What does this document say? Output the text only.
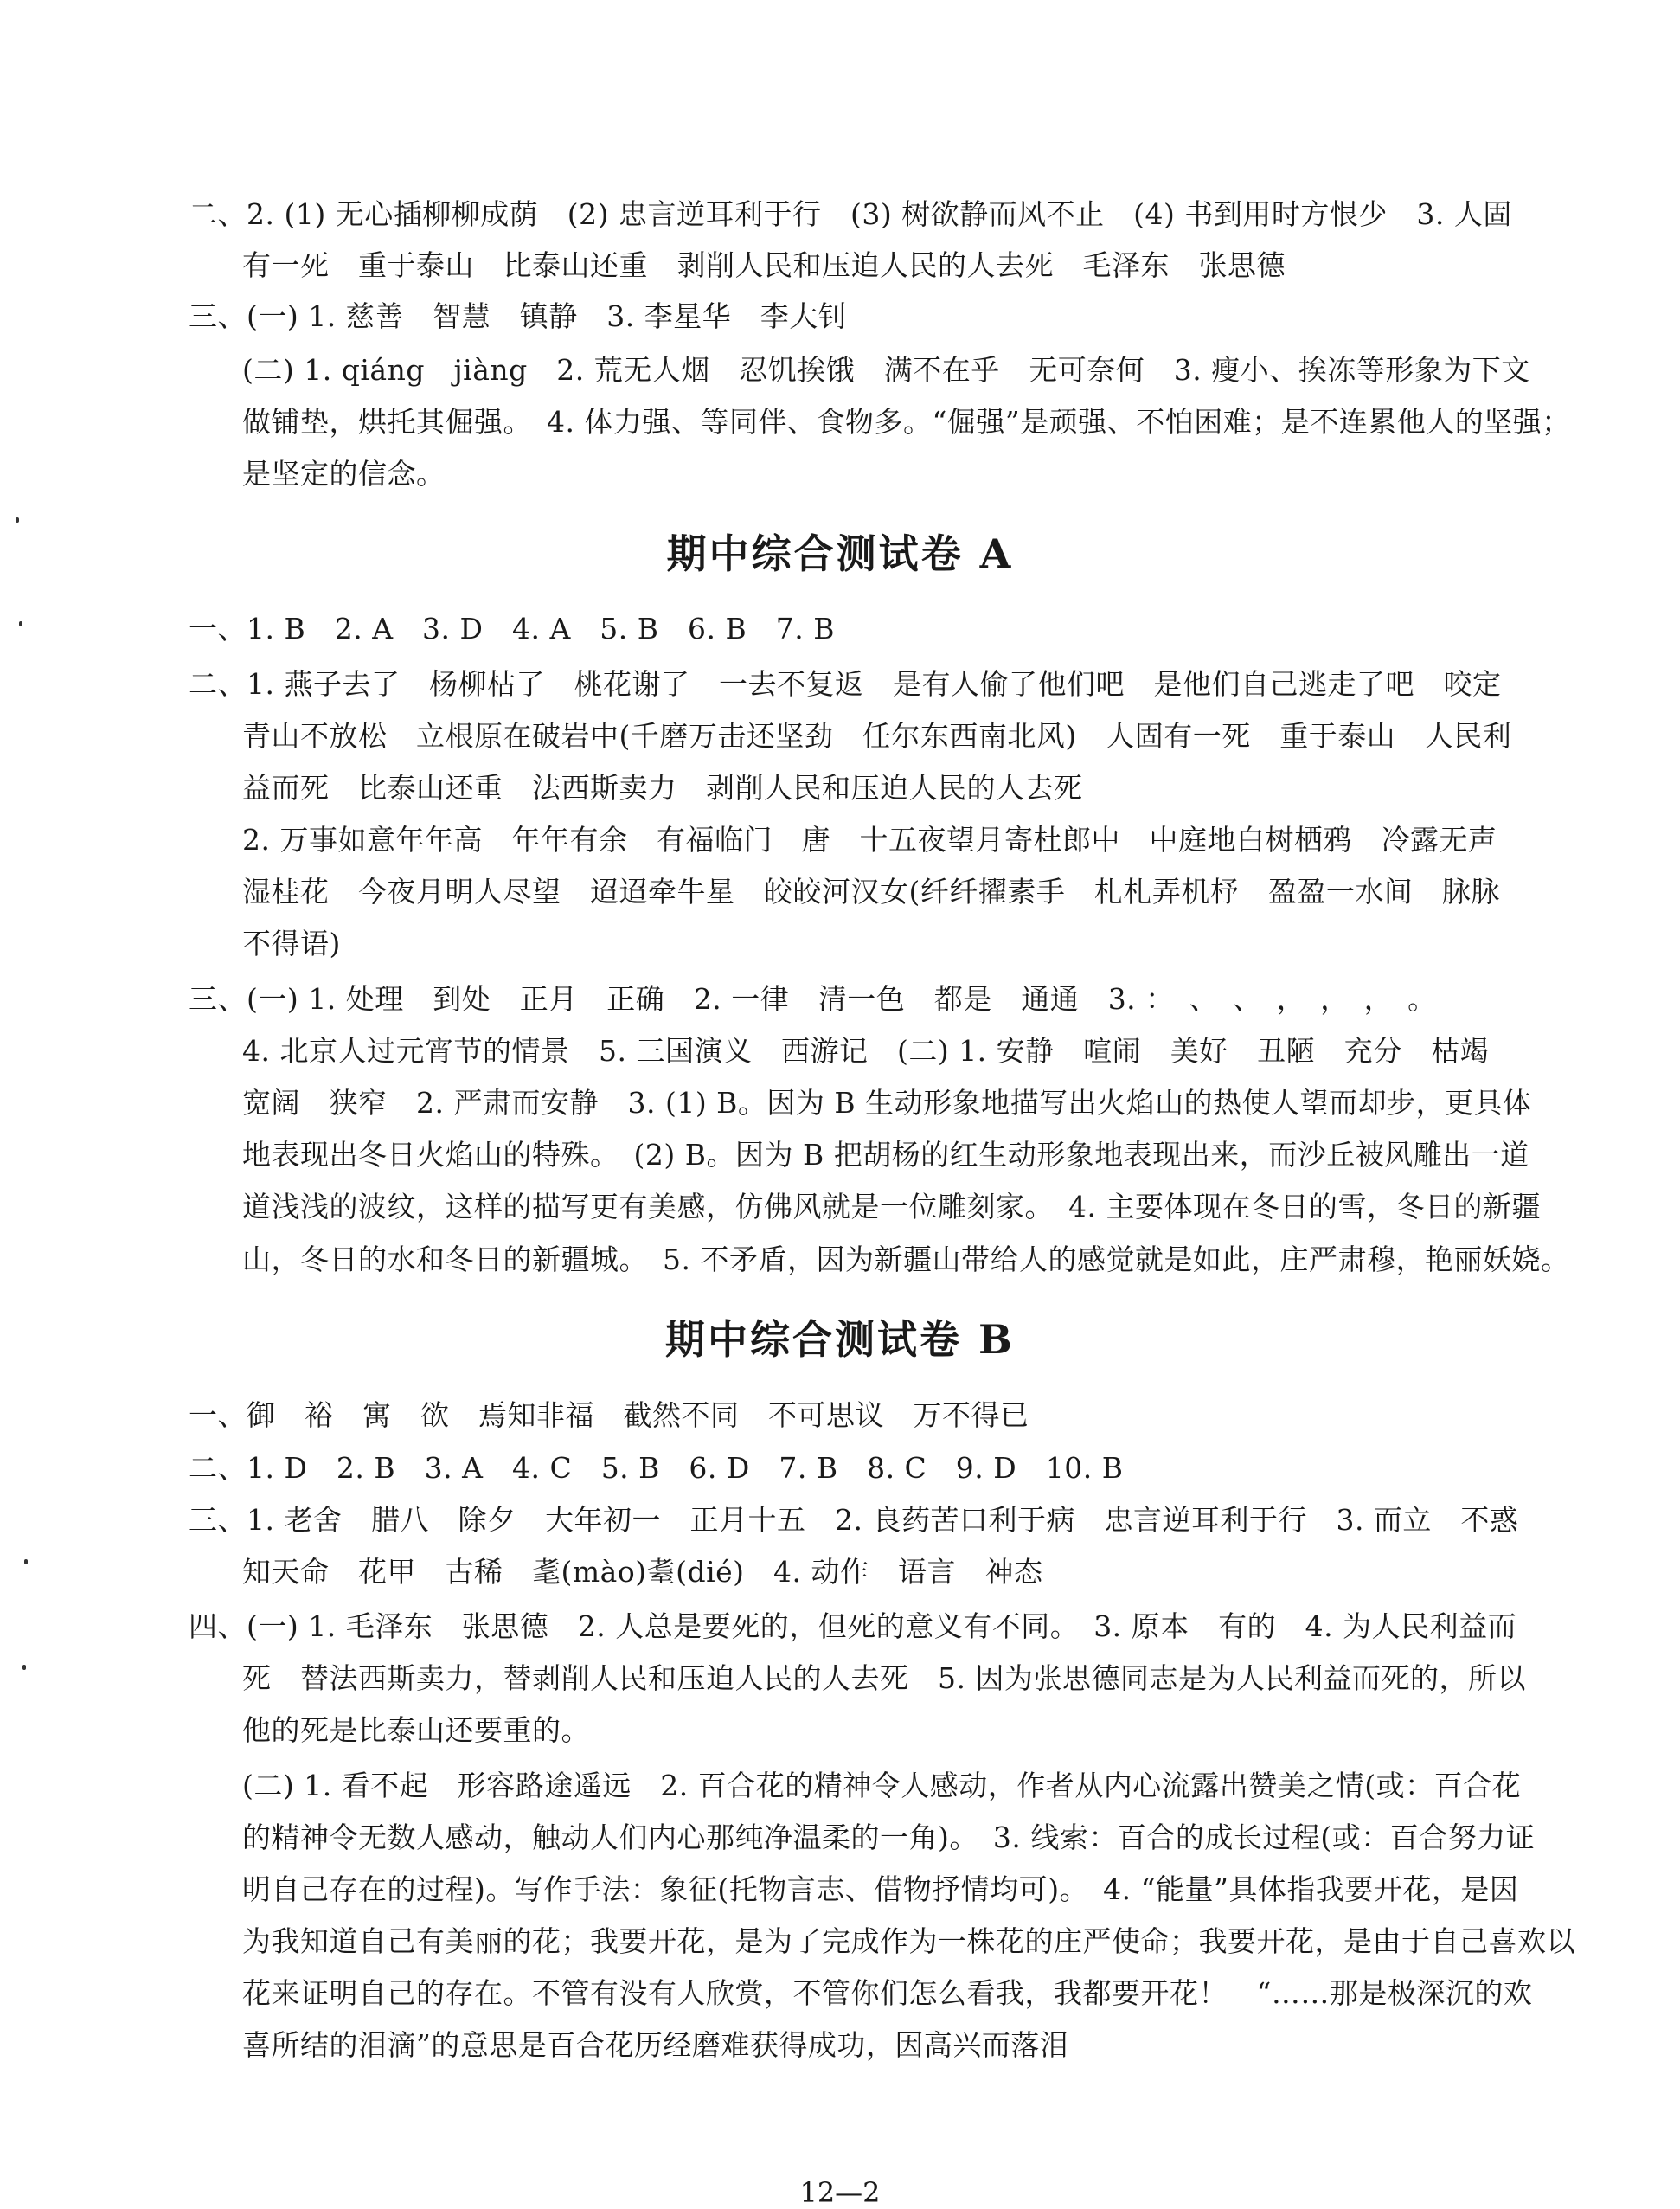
二、2. (1) 无心插柳柳成荫　(2) 忠言逆耳利于行　(3) 树欲静而风不止　(4) 书到用时方恨少　3. 人固
有一死　重于泰山　比泰山还重　剥削人民和压迫人民的人去死　毛泽东　张思德
三、(一) 1. 慈善　智慧　镇静　3. 李星华　李大钊
(二) 1. qiáng　jiàng　2. 荒无人烟　忍饥挨饿　满不在乎　无可奈何　3. 瘦小、挨冻等形象为下文
做铺垫，烘托其倔强。　4. 体力强、等同伴、食物多。“倔强”是顽强、不怕困难；是不连累他人的坚强；
是坚定的信念。
期中综合测试卷 A
一、1. B　2. A　3. D　4. A　5. B　6. B　7. B
二、1. 燕子去了　杨柳枯了　桃花谢了　一去不复返　是有人偷了他们吧　是他们自己逃走了吧　咬定
青山不放松　立根原在破岩中(千磨万击还坚劲　任尔东西南北风)　人固有一死　重于泰山　人民利
益而死　比泰山还重　法西斯卖力　剥削人民和压迫人民的人去死
2. 万事如意年年高　年年有余　有福临门　唐　十五夜望月寄杜郎中　中庭地白树栖鸦　冷露无声
湿桂花　今夜月明人尽望　迢迢牵牛星　皎皎河汉女(纤纤擢素手　札札弄机杼　盈盈一水间　脉脉
不得语)
三、(一) 1. 处理　到处　正月　正确　2. 一律　清一色　都是　通通　3. ：　、　、　，　，　，　。
4. 北京人过元宵节的情景　5. 三国演义　西游记　(二) 1. 安静　喧闹　美好　丑陋　充分　枯竭
宽阔　狭窄　2. 严肃而安静　3. (1) B。因为 B 生动形象地描写出火焰山的热使人望而却步，更具体
地表现出冬日火焰山的特殊。　(2) B。因为 B 把胡杨的红生动形象地表现出来，而沙丘被风雕出一道
道浅浅的波纹，这样的描写更有美感，仿佛风就是一位雕刻家。　4. 主要体现在冬日的雪，冬日的新疆
山，冬日的水和冬日的新疆城。　5. 不矛盾，因为新疆山带给人的感觉就是如此，庄严肃穆，艳丽妖娆。
期中综合测试卷 B
一、御　裕　寓　欲　焉知非福　截然不同　不可思议　万不得已
二、1. D　2. B　3. A　4. C　5. B　6. D　7. B　8. C　9. D　10. B
三、1. 老舍　腊八　除夕　大年初一　正月十五　2. 良药苦口利于病　忠言逆耳利于行　3. 而立　不惑
知天命　花甲　古稀　耄(mào)耋(dié)　4. 动作　语言　神态
四、(一) 1. 毛泽东　张思德　2. 人总是要死的，但死的意义有不同。　3. 原本　有的　4. 为人民利益而
死　替法西斯卖力，替剥削人民和压迫人民的人去死　5. 因为张思德同志是为人民利益而死的，所以
他的死是比泰山还要重的。
(二) 1. 看不起　形容路途遥远　2. 百合花的精神令人感动，作者从内心流露出赞美之情(或：百合花
的精神令无数人感动，触动人们内心那纯净温柔的一角)。　3. 线索：百合的成长过程(或：百合努力证
明自己存在的过程)。写作手法：象征(托物言志、借物抒情均可)。　4. “能量”具体指我要开花，是因
为我知道自己有美丽的花；我要开花，是为了完成作为一株花的庄严使命；我要开花，是由于自己喜欢以
花来证明自己的存在。不管有没有人欣赏，不管你们怎么看我，我都要开花！　“……那是极深沉的欢
喜所结的泪滴”的意思是百合花历经磨难获得成功，因高兴而落泪
12—2
